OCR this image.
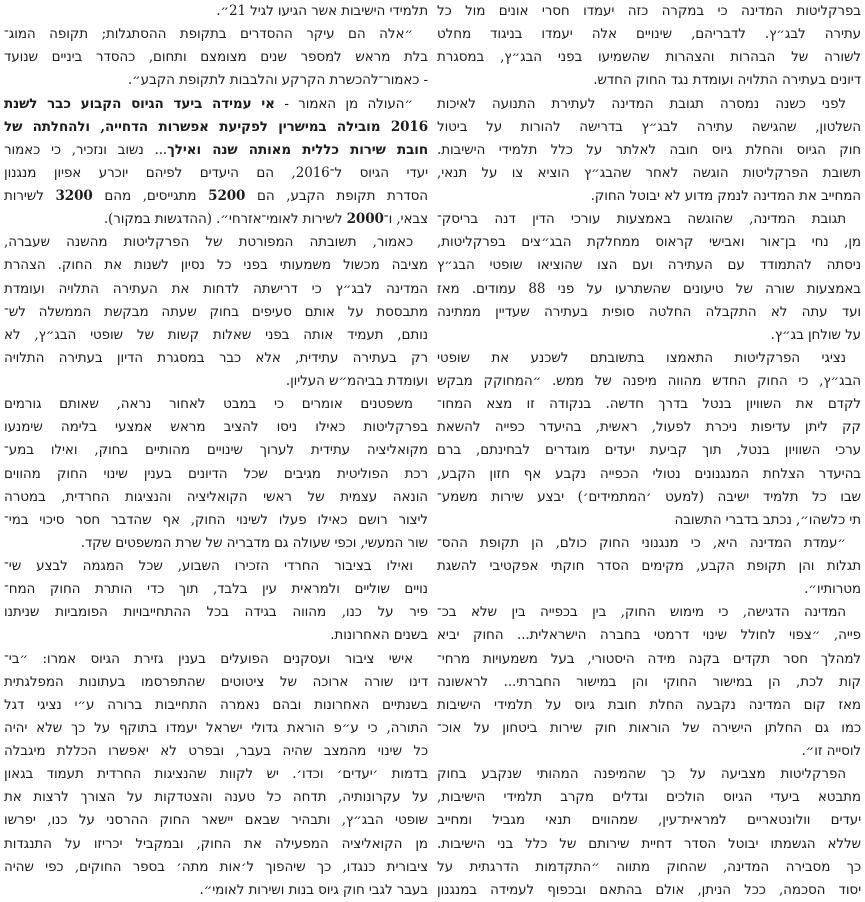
בפרקליטות המדינה כי במקרה כזה יעמדו חסרי אונים מול כל
עתירה לבג״ץ. לדבריהם, שינויים אלה יעמדו בניגוד מחלט
לשורה של הבהרות והצהרות שהשמיעו בפני הבג״ץ, במסגרת
דיונים בעתירה התלויה ועומדת נגד החוק החדש.
לפני כשנה נמסרה תגובת המדינה לעתירת התנועה לאיכות
השלטון, שהגישה עתירה לבג״ץ בדרישה להורות על ביטול
חוק הגיוס והחלת גיוס חובה לאלתר על כלל תלמידי הישיבות.
תשובת הפרקליטות הוגשה לאחר שהבג״ץ הוציא צו על תנאי,
המחייב את המדינה לנמק מדוע לא יבוטל החוק.
תגובת המדינה, שהוגשה באמצעות עורכי הדין דנה בריסק־
מן, נחי בן־אור ואבישי קראוס ממחלקת הבג״צים בפרקליטות,
ניסתה להתמודד עם העתירה ועם הצו שהוציאו שופטי הבג״ץ
באמצעות שורה של טיעונים שהשתרעו על פני 88 עמודים. מאז
ועד עתה לא התקבלה החלטה סופית בעתירה שעדיין ממתינה
על שולחן בג״ץ.
נציגי הפרקליטות התאמצו בתשובתם לשכנע את שופטי
הבג״ץ, כי החוק החדש מהווה מיפנה של ממש. ״המחוקק מבקש
לקדם את השוויון בנטל בדרך חדשה. בנקודה זו מצא המחו־
קק ליתן עדיפות ניכרת לפעול, ראשית, בהיעדר כפייה להשאת
ערכי השוויון בנטל, תוך קביעת יעדים מוגדרים לבחינתם, ברם
בהיעדר הצלחת המנגנונים נטולי הכפייה נקבע אף חזון הקבע,
שבו כל תלמיד ישיבה (למעט ׳המתמידים׳) יבצע שירות משמע־
תי כלשהו״, נכתב בדברי התשובה
״עמדת המדינה היא, כי מנגנוני החוק כולם, הן תקופת ההס־
תגלות והן תקופת הקבע, מקימים הסדר חוקתי אפקטיבי להשגת
מטרותיו״.
המדינה הדגישה, כי מימוש החוק, בין בכפייה בין שלא בכ־
פייה, ״צפוי לחולל שינוי דרמטי בחברה הישראלית... החוק יביא
למהלך חסר תקדים בקנה מידה היסטורי, בעל משמעויות מרחי־
קות לכת, הן במישור החוקי והן במישור החברתי... לראשונה
מאז קום המדינה נקבעה החלת חובת גיוס על תלמידי הישיבות
כמו גם החלתן הישירה של הוראות חוק שירות ביטחון על אוכ־
לוסייה זו״.
הפרקליטות מצביעה על כך שהמיפנה המהותי שנקבע בחוק
מתבטא ביעדי הגיוס הולכים וגדלים מקרב תלמידי הישיבות,
יעדים וולונטאריים למראית־עין, שמהווים תנאי מגביל ומחייב
שללא הגשמתו יבוטל הסדר דחיית שירותם של כלל בני הישיבות.
כך מסבירה המדינה, שהחוק מתווה ״התקדמות הדרגתית על
יסוד הסכמה, ככל הניתן, אולם בהתאם ובכפוף לעמידה במנגנון
תלמידי הישיבות אשר הגיעו לגיל 21״.
״אלה הם עיקר ההסדרים בתקופת ההסתגלות; תקופה המוג־
בלת מראש למספר שנים מצומצם ותחום, כהסדר ביניים שנועד
- כאמור־להכשרת הקרקע והלבבות לתקופת הקבע״.
״העולה מן האמור - אי עמידה ביעד הגיוס הקבוע כבר לשנת
2016 מובילה במישרין לפקיעת אפשרות הדחייה, ולהחלתה של
חובת שירות כללית מאותה שנה ואילך... נשוב ונזכיר, כי כאמור
יעדי הגיוס ל־2016, הם היעדים לפיהם יוכרע אפיון מנגנון
הסדרת תקופת הקבע, הם 5200 מתגייסים, מהם 3200 לשירות
צבאי, ו־2000 לשירות לאומי־אזרחי״. (ההדגשות במקור).
כאמור, תשובתה המפורטת של הפרקליטות מהשנה שעברה,
מציבה מכשול משמעותי בפני כל נסיון לשנות את החוק. הצהרת
המדינה לבג״ץ כי דרישתה לדחות את העתירה התלויה ועומדת
מתבססת על אותם סעיפים בחוק שעתה מבקשת הממשלה לש־
נותם, תעמיד אותה בפני שאלות קשות של שופטי הבג״ץ, לא
רק בעתירה עתידית, אלא כבר במסגרת הדיון בעתירה התלויה
ועומדת בביהמ״ש העליון.
משפטנים אומרים כי במבט לאחור נראה, שאותם גורמים
בפרקליטות כאילו ניסו להציב מראש אמצעי בלימה שימנעו
מקואליציה עתידית לערוך שינויים מהותיים בחוק, ואילו במע־
רכת הפוליטית מגיבים שכל הדיונים בענין שינוי החוק מהווים
הונאה עצמית של ראשי הקואליציה והנציגות החרדית, במטרה
ליצור רושם כאילו פעלו לשינוי החוק, אף שהדבר חסר סיכוי במי־
שור המעשי, וכפי שעולה גם מדבריה של שרת המשפטים שקד.
ואילו בציבור החרדי הזכירו השבוע, שכל המגמה לבצע שי־
נויים שוליים ולמראית עין בלבד, תוך כדי הותרת החוק המח־
פיר על כנו, מהווה בגידה בכל ההתחייבויות הפומביות שניתנו
בשנים האחרונות.
אישי ציבור ועסקנים הפועלים בענין גזירת הגיוס אמרו: ״בי־
דינו שורה ארוכה של ציטוטים שהתפרסמו בעתונות המפלגתית
בשנתיים האחרונות ובהם נאמרה התחייבות ברורה ע״י נציגי דגל
התורה, כי ע״פ הוראת גדולי ישראל יעמדו בתוקף על כך שלא יהיה
כל שינוי מהמצב שהיה בעבר, ובפרט לא יאפשרו הכללת מיגבלה
בדמות ׳יעדים׳ וכדו׳. יש לקוות שהנציגות החרדית תעמוד בגאון
על עקרונותיה, תדחה כל טענה והצטדקות על הצורך לרצות את
שופטי הבג״ץ, ותבהיר שבאם יישאר החוק ההרסני על כנו, יפרשו
מן הקואליציה המפעילה את החוק, ובמקביל יכריזו על התנגדות
ציבורית כנגדו, כך שיהפוך ל׳אות מתה׳ בספר החוקים, כפי שהיה
בעבר לגבי חוק גיוס בנות ושירות לאומי״.
